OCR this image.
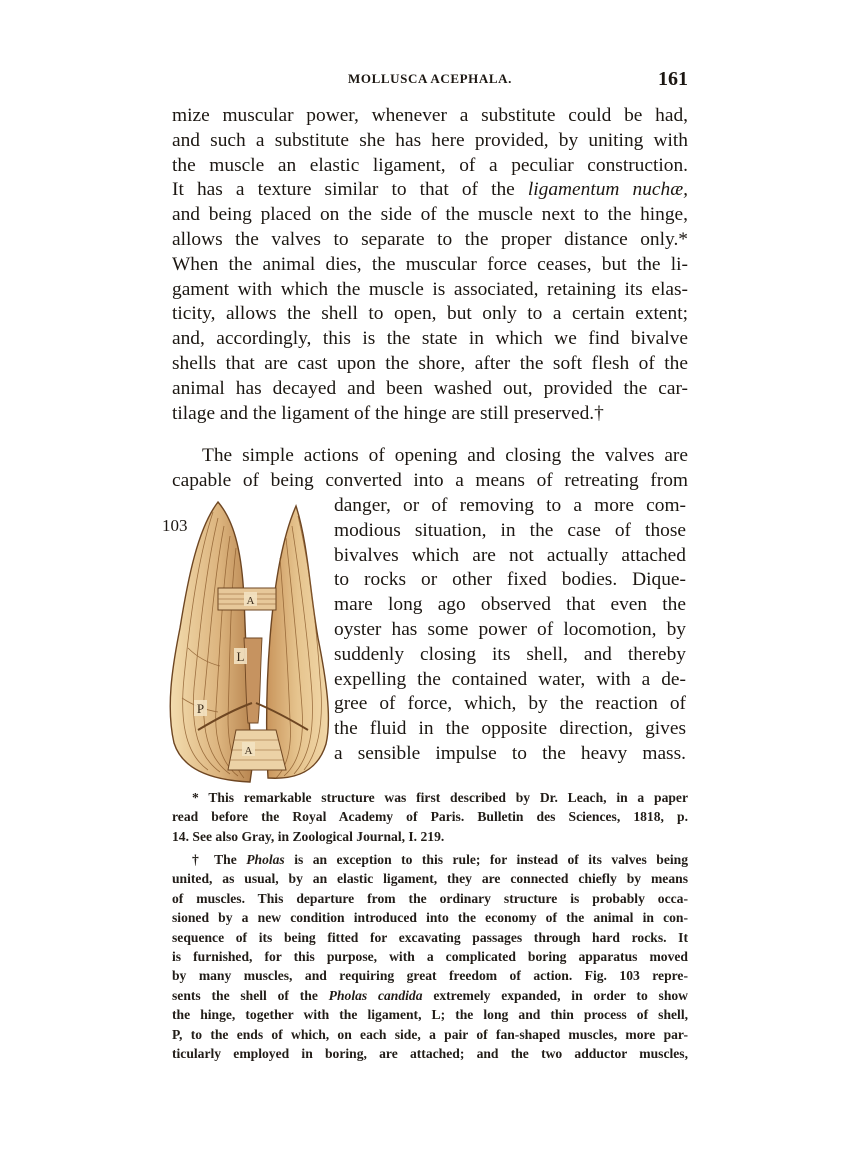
MOLLUSCA ACEPHALA.	161
mize muscular power, whenever a substitute could be had,
and such a substitute she has here provided, by uniting with
the muscle an elastic ligament, of a peculiar construction.
It has a texture similar to that of the ligamentum nuchæ,
and being placed on the side of the muscle next to the hinge,
allows the valves to separate to the proper distance only.*
When the animal dies, the muscular force ceases, but the li-
gament with which the muscle is associated, retaining its elas-
ticity, allows the shell to open, but only to a certain extent;
and, accordingly, this is the state in which we find bivalve
shells that are cast upon the shore, after the soft flesh of the
animal has decayed and been washed out, provided the car-
tilage and the ligament of the hinge are still preserved.†
The simple actions of opening and closing the valves are
capable of being converted into a means of retreating from
A
L
P
A
103
danger, or of removing to a more com-
modious situation, in the case of those
bivalves which are not actually attached
to rocks or other fixed bodies. Dique-
mare long ago observed that even the
oyster has some power of locomotion, by
suddenly closing its shell, and thereby
expelling the contained water, with a de-
gree of force, which, by the reaction of
the fluid in the opposite direction, gives
a sensible impulse to the heavy mass.
* This remarkable structure was first described by Dr. Leach, in a paper
read before the Royal Academy of Paris. Bulletin des Sciences, 1818, p.
14. See also Gray, in Zoological Journal, I. 219.
† The Pholas is an exception to this rule; for instead of its valves being
united, as usual, by an elastic ligament, they are connected chiefly by means
of muscles. This departure from the ordinary structure is probably occa-
sioned by a new condition introduced into the economy of the animal in con-
sequence of its being fitted for excavating passages through hard rocks. It
is furnished, for this purpose, with a complicated boring apparatus moved
by many muscles, and requiring great freedom of action. Fig. 103 repre-
sents the shell of the Pholas candida extremely expanded, in order to show
the hinge, together with the ligament, L; the long and thin process of shell,
P, to the ends of which, on each side, a pair of fan-shaped muscles, more par-
ticularly employed in boring, are attached; and the two adductor muscles,
